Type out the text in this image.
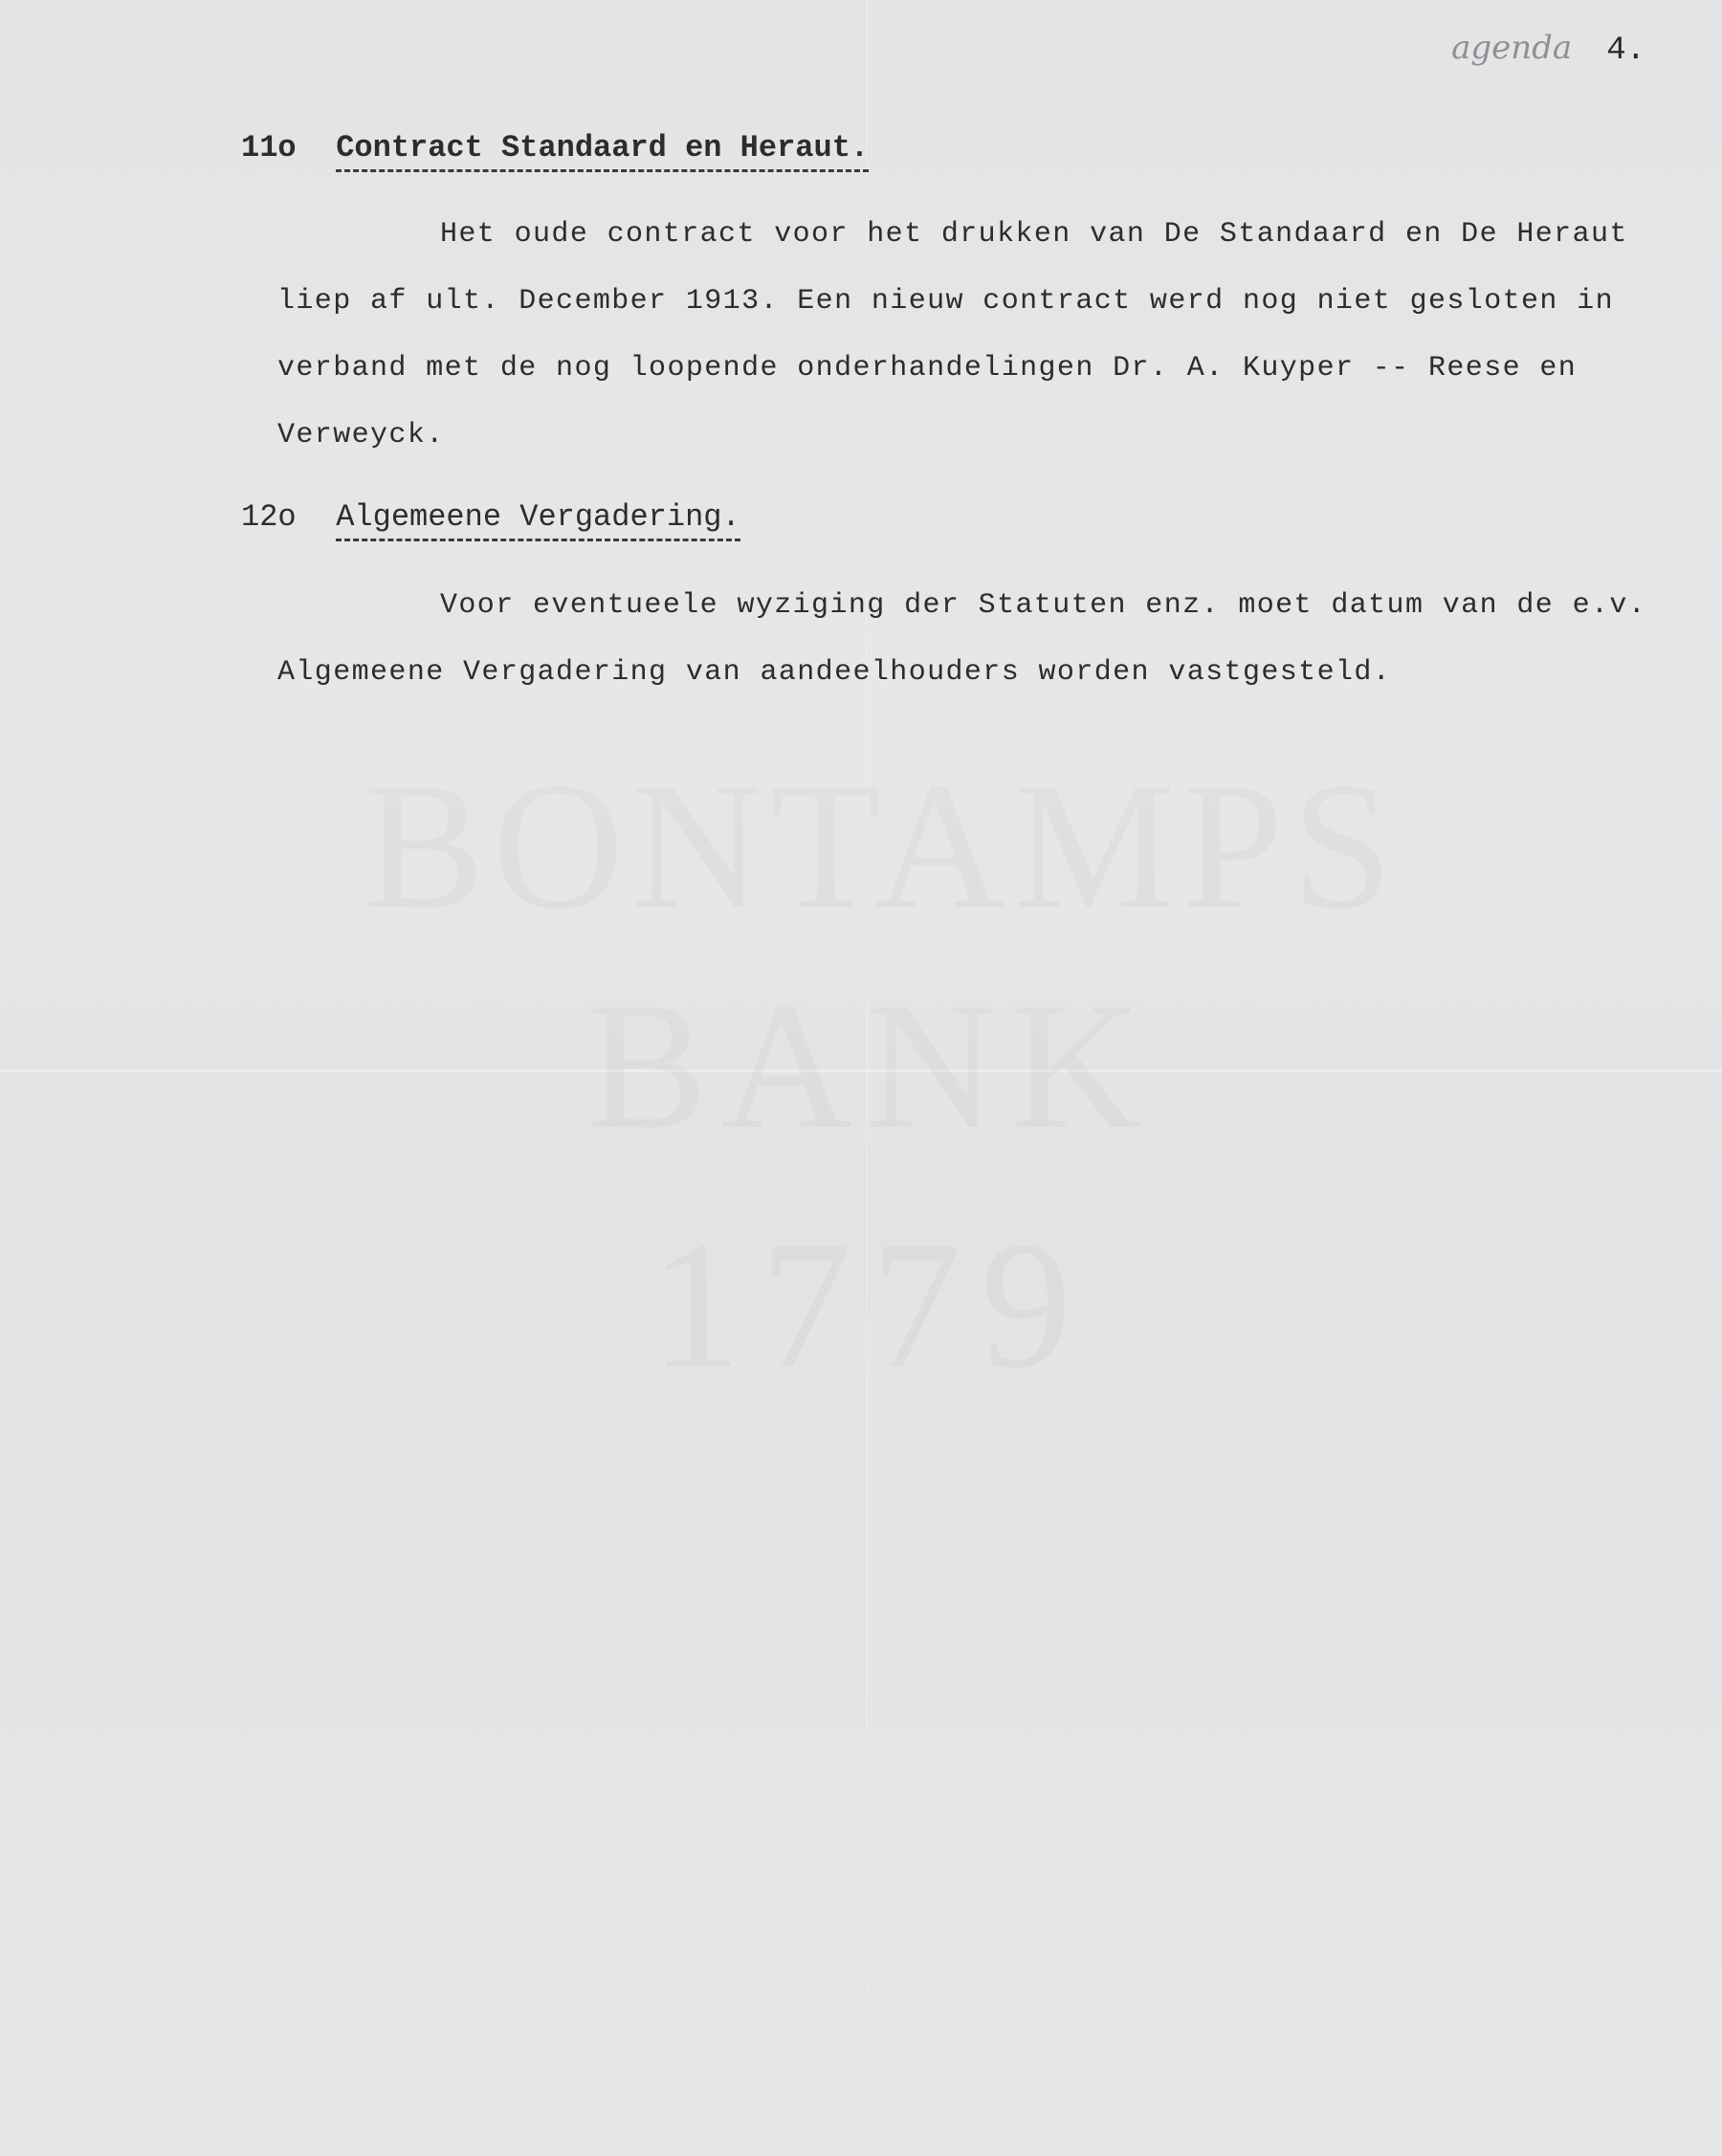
BONTAMPS
BANK
1779
agenda 4.
11o Contract Standaard en Heraut.

Het oude contract voor het drukken van De Standaard en De Heraut
liep af ult. December 1913. Een nieuw contract werd nog niet gesloten in
verband met de nog loopende onderhandelingen Dr. A. Kuyper -- Reese en
Verweyck.

12o Algemeene Vergadering.

Voor eventueele wyziging der Statuten enz. moet datum van de e.v.
Algemeene Vergadering van aandeelhouders worden vastgesteld.
